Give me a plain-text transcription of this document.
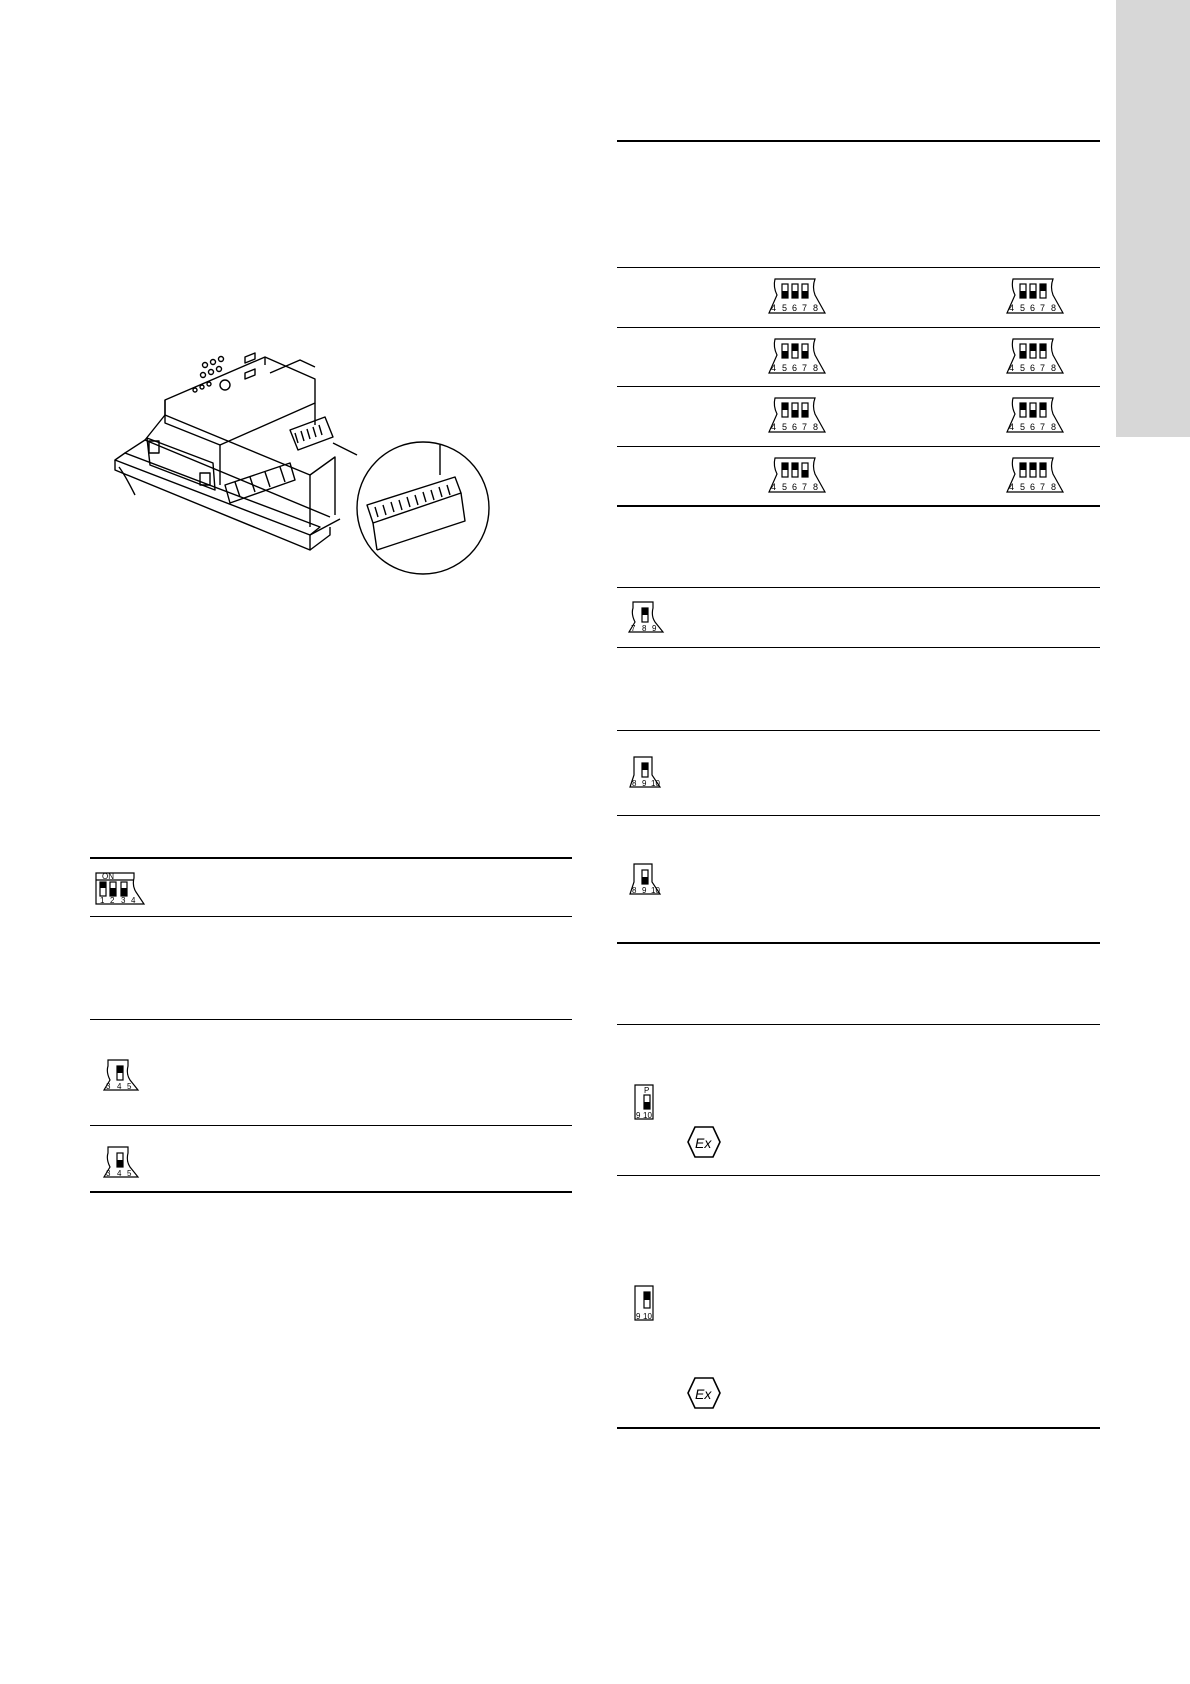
ON
1 2 3 4
3 4 5
3 4 5
4 5 6 7 8	4 5 6 7 8
4 5 6 7 8	4 5 6 7 8
4 5 6 7 8	4 5 6 7 8
4 5 6 7 8	4 5 6 7 8
7 8 9
8 9 10
8 9 10
P
9 10
Ex
9 10
Ex
